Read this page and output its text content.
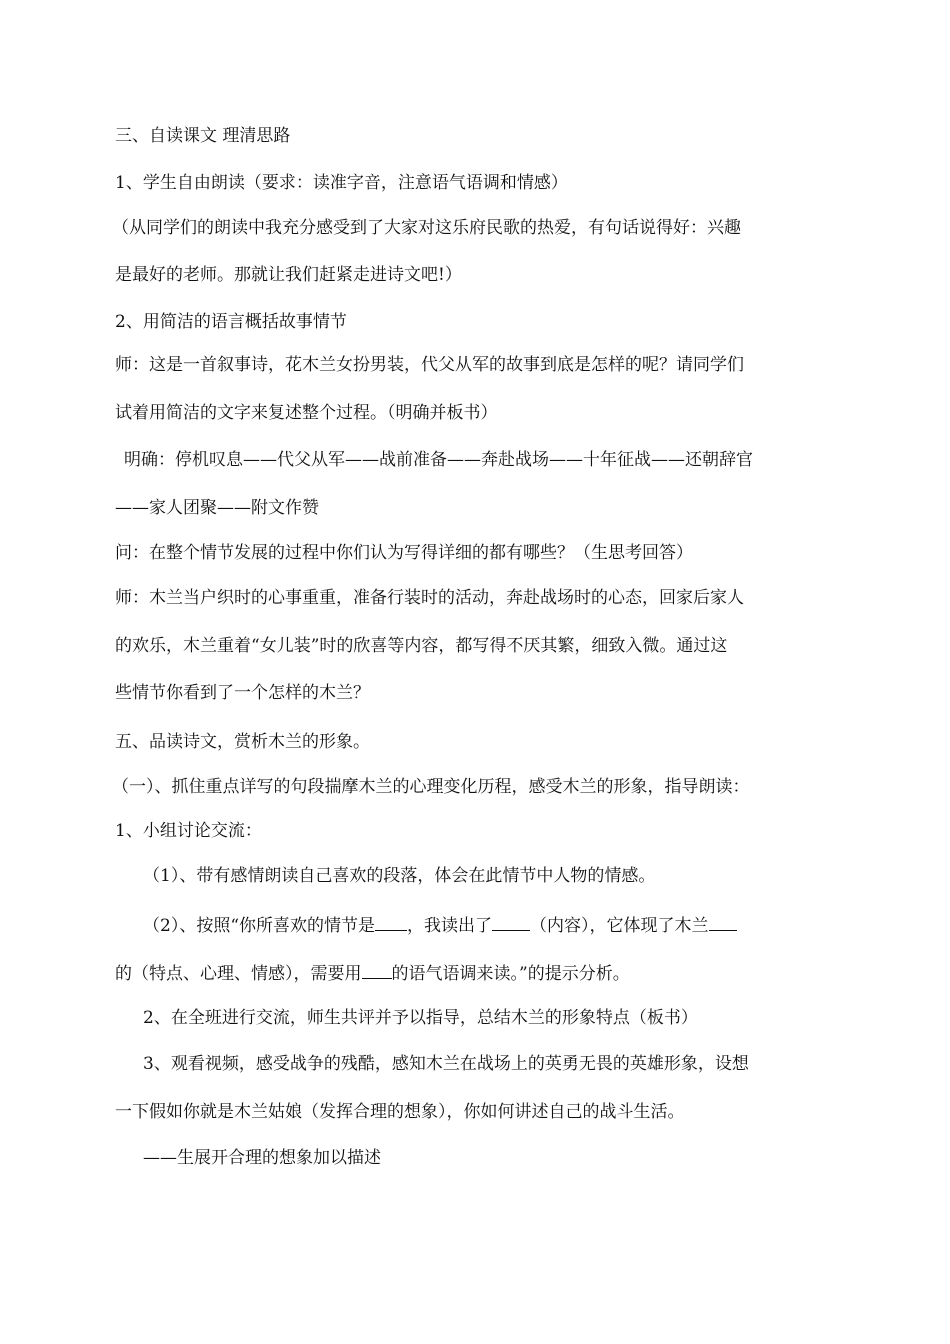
三、自读课文 理清思路
1、学生自由朗读（要求：读准字音，注意语气语调和情感）
（从同学们的朗读中我充分感受到了大家对这乐府民歌的热爱，有句话说得好：兴趣
是最好的老师。那就让我们赶紧走进诗文吧!）
2、用简洁的语言概括故事情节
师：这是一首叙事诗，花木兰女扮男装，代父从军的故事到底是怎样的呢？请同学们
试着用简洁的文字来复述整个过程。（明确并板书）
明确：停机叹息——代父从军——战前准备——奔赴战场——十年征战——还朝辞官
——家人团聚——附文作赞
问：在整个情节发展的过程中你们认为写得详细的都有哪些？（生思考回答）
师：木兰当户织时的心事重重，准备行装时的活动，奔赴战场时的心态，回家后家人
的欢乐，木兰重着“女儿装”时的欣喜等内容，都写得不厌其繁，细致入微。通过这
些情节你看到了一个怎样的木兰？
五、品读诗文，赏析木兰的形象。
（一）、抓住重点详写的句段揣摩木兰的心理变化历程，感受木兰的形象，指导朗读：
1、小组讨论交流：
（1）、带有感情朗读自己喜欢的段落，体会在此情节中人物的情感。
（2）、按照“你所喜欢的情节是 ，我读出了 （内容），它体现了木兰
的（特点、心理、情感），需要用 的语气语调来读。”的提示分析。
2、在全班进行交流，师生共评并予以指导，总结木兰的形象特点（板书）
3、观看视频，感受战争的残酷，感知木兰在战场上的英勇无畏的英雄形象，设想
一下假如你就是木兰姑娘（发挥合理的想象），你如何讲述自己的战斗生活。
——生展开合理的想象加以描述
